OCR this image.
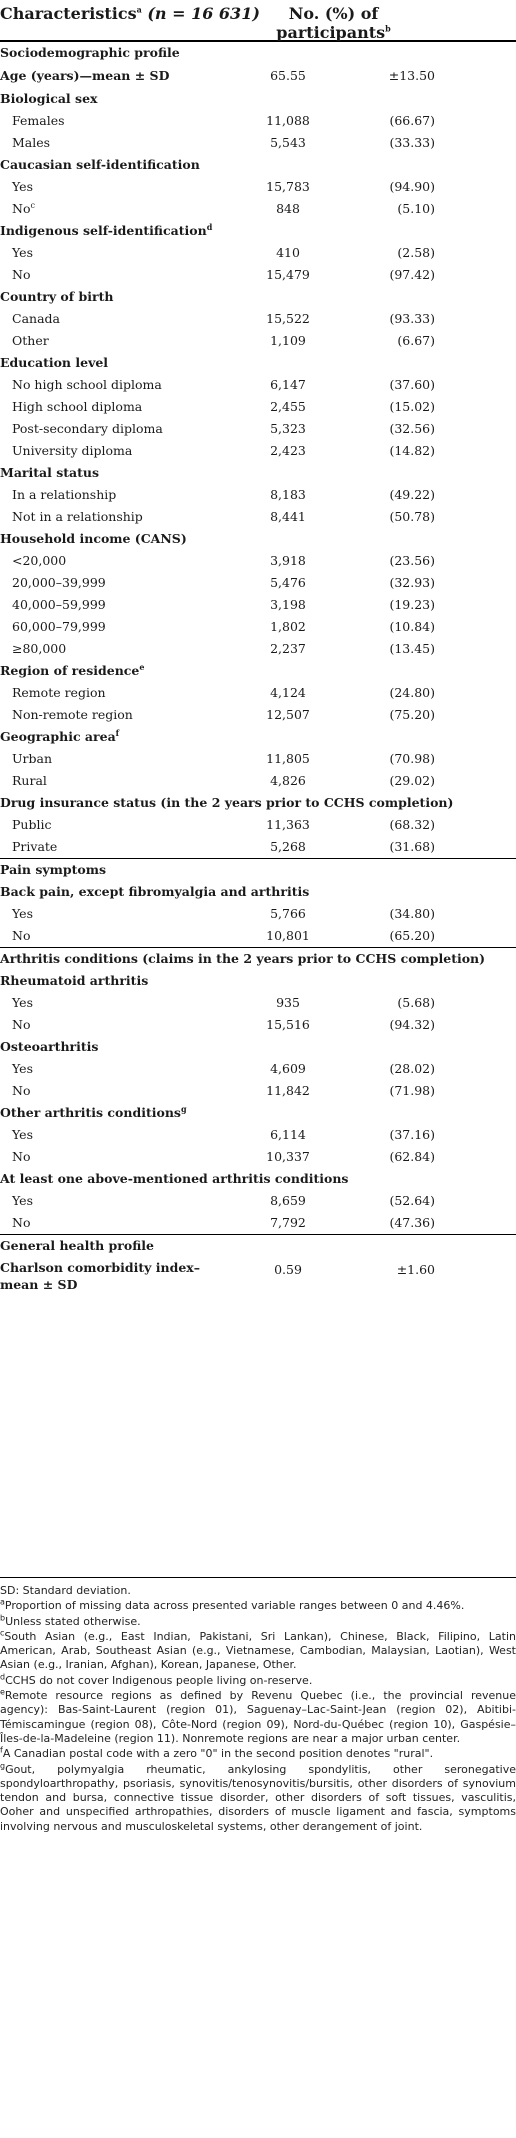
Characteristics$^a$ (n = 16 631)	No. (%) of
participants$^b$
Sociodemographic profile
Age (years)—mean ± SD	65.55	±13.50
Biological sex
Females	11,088	(66.67)
Males	5,543	(33.33)
Caucasian self-identification
Yes	15,783	(94.90)
No$^c$	848	(5.10)
Indigenous self-identification$^d$
Yes	410	(2.58)
No	15,479	(97.42)
Country of birth
Canada	15,522	(93.33)
Other	1,109	(6.67)
Education level
No high school diploma	6,147	(37.60)
High school diploma	2,455	(15.02)
Post-secondary diploma	5,323	(32.56)
University diploma	2,423	(14.82)
Marital status
In a relationship	8,183	(49.22)
Not in a relationship	8,441	(50.78)
Household income (CANS)
<20,000	3,918	(23.56)
20,000–39,999	5,476	(32.93)
40,000–59,999	3,198	(19.23)
60,000–79,999	1,802	(10.84)
≥80,000	2,237	(13.45)
Region of residence$^e$
Remote region	4,124	(24.80)
Non-remote region	12,507	(75.20)
Geographic area$^f$
Urban	11,805	(70.98)
Rural	4,826	(29.02)
Drug insurance status (in the 2 years prior to CCHS completion)
Public	11,363	(68.32)
Private	5,268	(31.68)
Pain symptoms
Back pain, except fibromyalgia and arthritis
Yes	5,766	(34.80)
No	10,801	(65.20)
Arthritis conditions (claims in the 2 years prior to CCHS completion)
Rheumatoid arthritis
Yes	935	(5.68)
No	15,516	(94.32)
Osteoarthritis
Yes	4,609	(28.02)
No	11,842	(71.98)
Other arthritis conditions$^g$
Yes	6,114	(37.16)
No	10,337	(62.84)
At least one above-mentioned arthritis conditions
Yes	8,659	(52.64)
No	7,792	(47.36)
General health profile
Charlson comorbidity index–
mean ± SD
0.59	±1.60

SD: Standard deviation.

$^a$Proportion of missing data across presented variable ranges between 0 and 4.46%.

$^b$Unless stated otherwise.

$^c$South Asian (e.g., East Indian, Pakistani, Sri Lankan), Chinese, Black, Filipino, Latin American, Arab, Southeast Asian (e.g., Vietnamese, Cambodian, Malaysian, Laotian), West Asian (e.g., Iranian, Afghan), Korean, Japanese, Other.

$^d$CCHS do not cover Indigenous people living on-reserve.

$^e$Remote resource regions as defined by Revenu Quebec (i.e., the provincial revenue agency): Bas-Saint-Laurent (region 01), Saguenay–Lac-Saint-Jean (region 02), Abitibi-Témiscamingue (region 08), Côte-Nord (region 09), Nord-du-Québec (region 10), Gaspésie–Îles-de-la-Madeleine (region 11). Nonremote regions are near a major urban center.

$^f$A Canadian postal code with a zero "0" in the second position denotes "rural".

$^g$Gout, polymyalgia rheumatic, ankylosing spondylitis, other seronegative spondyloarthropathy, psoriasis, synovitis/tenosynovitis/bursitis, other disorders of synovium tendon and bursa, connective tissue disorder, other disorders of soft tissues, vasculitis, Ooher and unspecified arthropathies, disorders of muscle ligament and fascia, symptoms involving nervous and musculoskeletal systems, other derangement of joint.
